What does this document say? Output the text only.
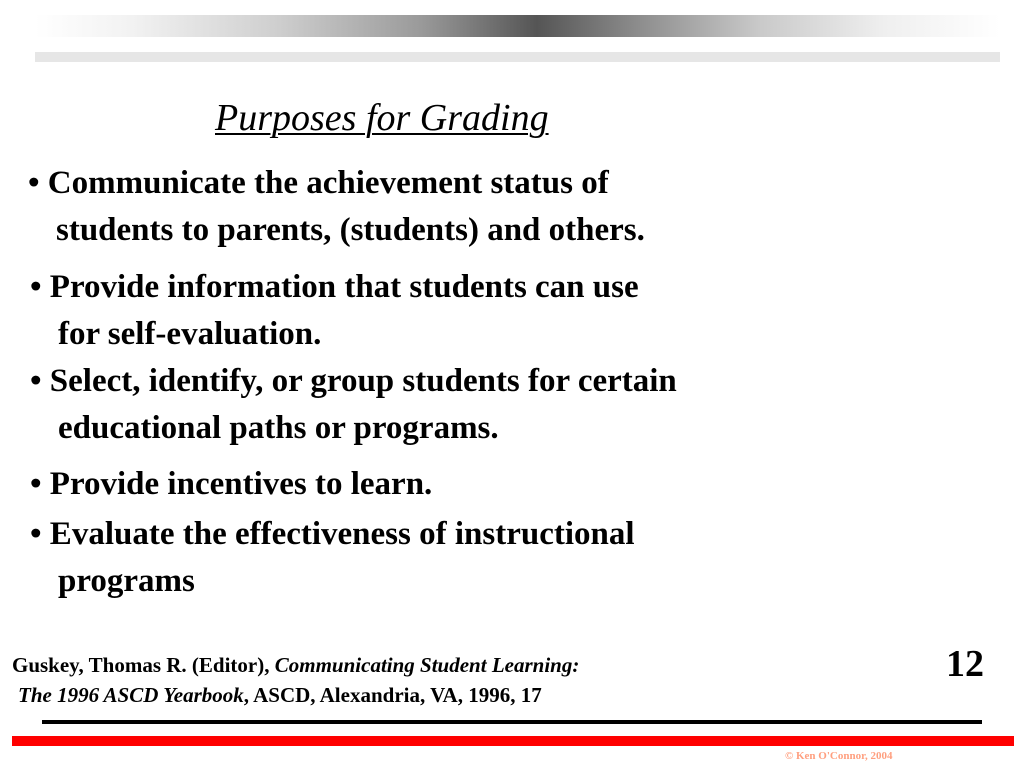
Purposes for Grading
• Communicate the achievement status of
students to parents, (students) and others.
• Provide information that students can use
for self-evaluation.
• Select, identify, or group students for certain
educational paths or programs.
• Provide incentives to learn.
• Evaluate the effectiveness of instructional
programs
Guskey, Thomas R. (Editor), Communicating Student Learning:
The 1996 ASCD Yearbook, ASCD, Alexandria, VA, 1996, 17
12
© Ken O'Connor, 2004
